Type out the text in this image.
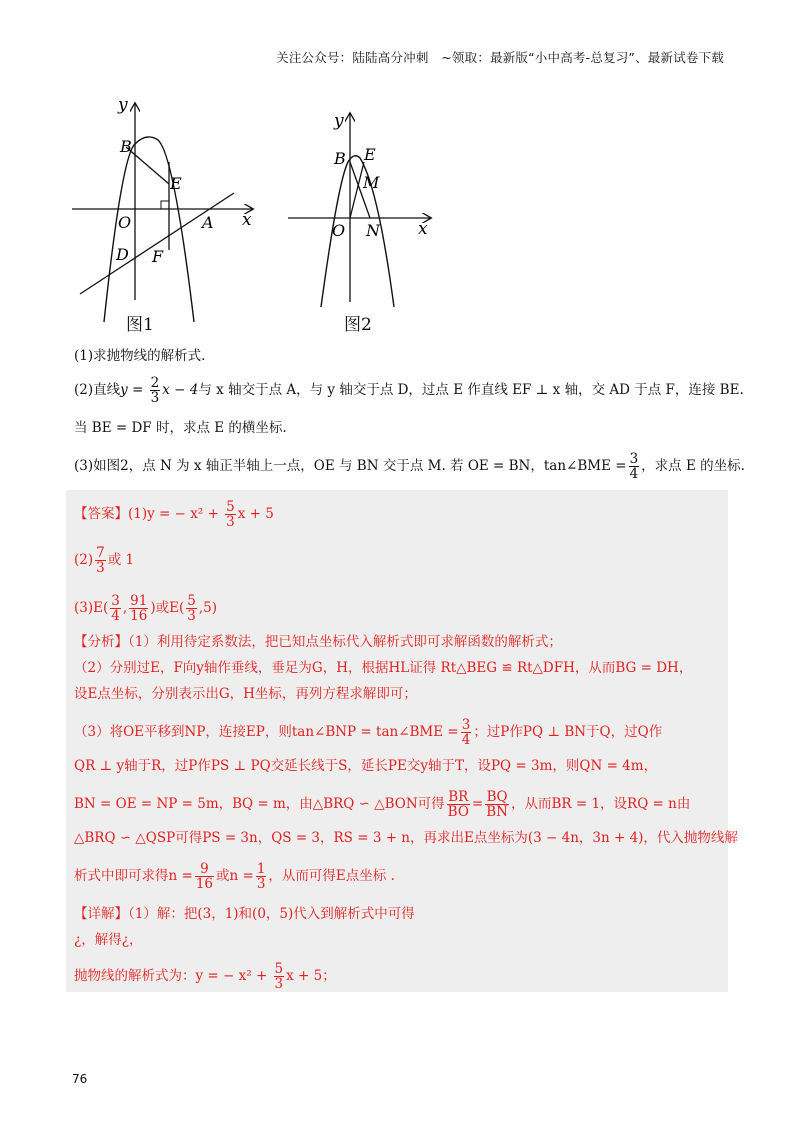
关注公众号：陆陆高分冲刺　~领取：最新版“小中高考-总复习”、最新试卷下载
y
x
B
E
O	A
D F
y
x
B E
M
O N
图1	图2
(1)求抛物线的解析式.
(2)直线$y = \frac{2}{3}$ x − 4与 x 轴交于点 A，与 y 轴交于点 D，过点 E 作直线 EF ⊥ x 轴，交 AD 于点 F，连接 BE.
当 BE = DF 时，求点 E 的横坐标.
(3)如图2，点 N 为 x 轴正半轴上一点，OE 与 BN 交于点 M. 若 OE = BN，tan∠BME = $\frac{3}{4}$ ，求点 E 的坐标.
【答案】(1)y = − $x^2 + \frac{5}{3}$ x + 5
$(2) \frac{7}{3}$ 或 1
$(3)E( \frac{3}{4}$ , $\frac{91}{16}$ )或$E( \frac{5}{3} ,5)$
【分析】（1）利用待定系数法，把已知点坐标代入解析式即可求解函数的解析式；
（2）分别过E，F向y轴作垂线，垂足为G，H，根据HL证得 Rt△BEG ≌ Rt△DFH，从而BG = DH，
设E点坐标，分别表示出G，H坐标，再列方程求解即可；
（3）将OE平移到NP，连接EP，则tan∠BNP = tan∠BME = $\frac{3}{4}$ ；过P作PQ ⊥ BN于Q，过Q作
QR ⊥ y轴于R，过P作PS ⊥ PQ交延长线于S，延长PE交y轴于T，设PQ = 3m，则QN = 4m，
BN = OE = NP = 5m，BQ = m，由△BRQ ∽ △BON可得 $\frac{BR}{BO} = \frac{BQ}{BN}$ ，从而BR = 1，设RQ = n由
△BRQ ∽ △QSP可得PS = 3n，QS = 3，RS = 3 + n，再求出E点坐标为(3 − 4n，3n + 4)，代入抛物线解
析式中即可求得$n = \frac{9}{16}$ 或$n = \frac{1}{3}$ ，从而可得E点坐标 .
【详解】（1）解：把(3，1)和(0，5)代入到解析式中可得
¿，解得¿，
抛物线的解析式为：y = − $x^2 + \frac{5}{3}$ x + 5；
76
